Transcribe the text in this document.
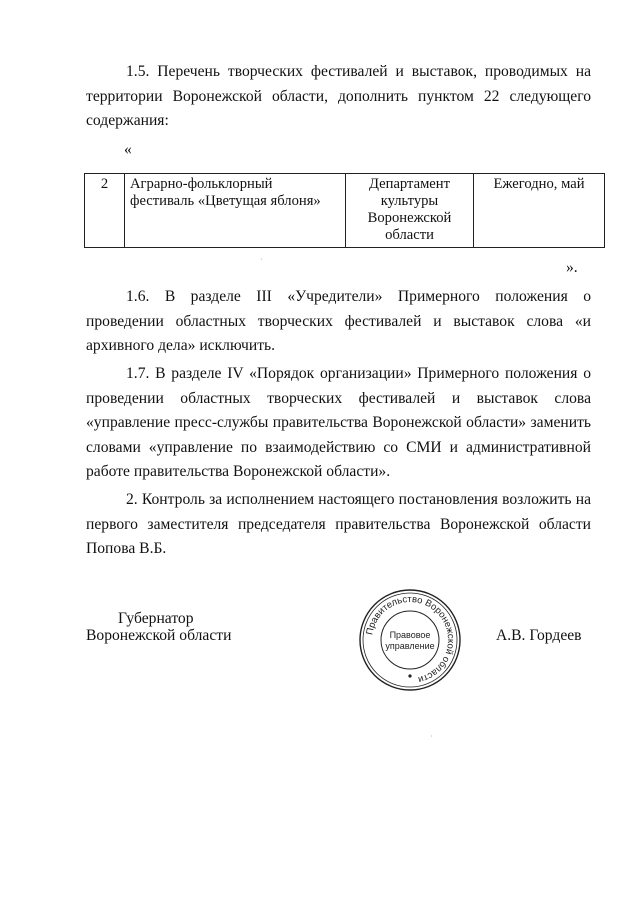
1.5. Перечень творческих фестивалей и выставок, проводимых на территории Воронежской области, дополнить пунктом 22 следующего содержания:

«
2	Аграрно-фольклорный фестиваль «Цветущая яблоня»	Департамент культуры Воронежской области	Ежегодно, май
».

1.6. В разделе III «Учредители» Примерного положения о проведении областных творческих фестивалей и выставок слова «и архивного дела» исключить.

1.7. В разделе IV «Порядок организации» Примерного положения о проведении областных творческих фестивалей и выставок слова «управление пресс-службы правительства Воронежской области» заменить словами «управление по взаимодействию со СМИ и административной работе правительства Воронежской области».

2. Контроль за исполнением настоящего постановления возложить на первого заместителя председателя правительства Воронежской области Попова В.Б.

Губернатор
Воронежской области	А.В. Гордеев
Правительство Воронежской области
Правовое
управление
·
·
